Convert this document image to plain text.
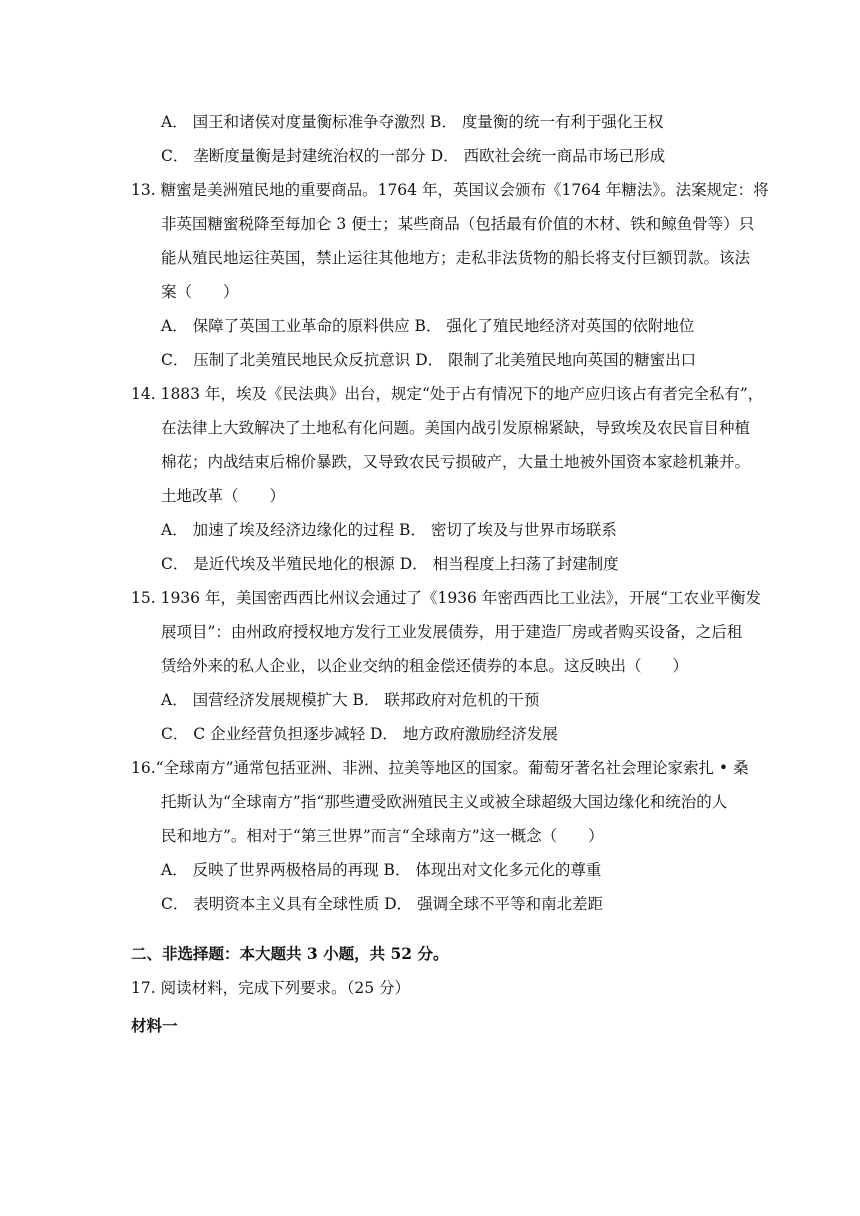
A． 国王和诸侯对度量衡标准争夺激烈 B． 度量衡的统一有利于强化王权
C． 垄断度量衡是封建统治权的一部分 D． 西欧社会统一商品市场已形成
13. 糖蜜是美洲殖民地的重要商品。1764 年，英国议会颁布《1764 年糖法》。法案规定：将
非英国糖蜜税降至每加仑 3 便士；某些商品（包括最有价值的木材、铁和鲸鱼骨等）只
能从殖民地运往英国，禁止运往其他地方；走私非法货物的船长将支付巨额罚款。该法
案（　　）
A． 保障了英国工业革命的原料供应 B． 强化了殖民地经济对英国的依附地位
C． 压制了北美殖民地民众反抗意识 D． 限制了北美殖民地向英国的糖蜜出口
14. 1883 年，埃及《民法典》出台，规定“处于占有情况下的地产应归该占有者完全私有”，
在法律上大致解决了土地私有化问题。美国内战引发原棉紧缺，导致埃及农民盲目种植
棉花；内战结束后棉价暴跌，又导致农民亏损破产，大量土地被外国资本家趁机兼并。
土地改革（　　）
A． 加速了埃及经济边缘化的过程 B． 密切了埃及与世界市场联系
C． 是近代埃及半殖民地化的根源 D． 相当程度上扫荡了封建制度
15. 1936 年，美国密西西比州议会通过了《1936 年密西西比工业法》，开展“工农业平衡发
展项目”：由州政府授权地方发行工业发展债券，用于建造厂房或者购买设备，之后租
赁给外来的私人企业，以企业交纳的租金偿还债券的本息。这反映出（　　）
A． 国营经济发展规模扩大 B． 联邦政府对危机的干预
C． C 企业经营负担逐步减轻 D． 地方政府激励经济发展
16.“全球南方”通常包括亚洲、非洲、拉美等地区的国家。葡萄牙著名社会理论家索扎 • 桑
托斯认为“全球南方”指“那些遭受欧洲殖民主义或被全球超级大国边缘化和统治的人
民和地方”。相对于“第三世界”而言“全球南方”这一概念（　　）
A． 反映了世界两极格局的再现 B． 体现出对文化多元化的尊重
C． 表明资本主义具有全球性质 D． 强调全球不平等和南北差距
二、非选择题：本大题共 3 小题，共 52 分。
17. 阅读材料，完成下列要求。（25 分）
材料一
